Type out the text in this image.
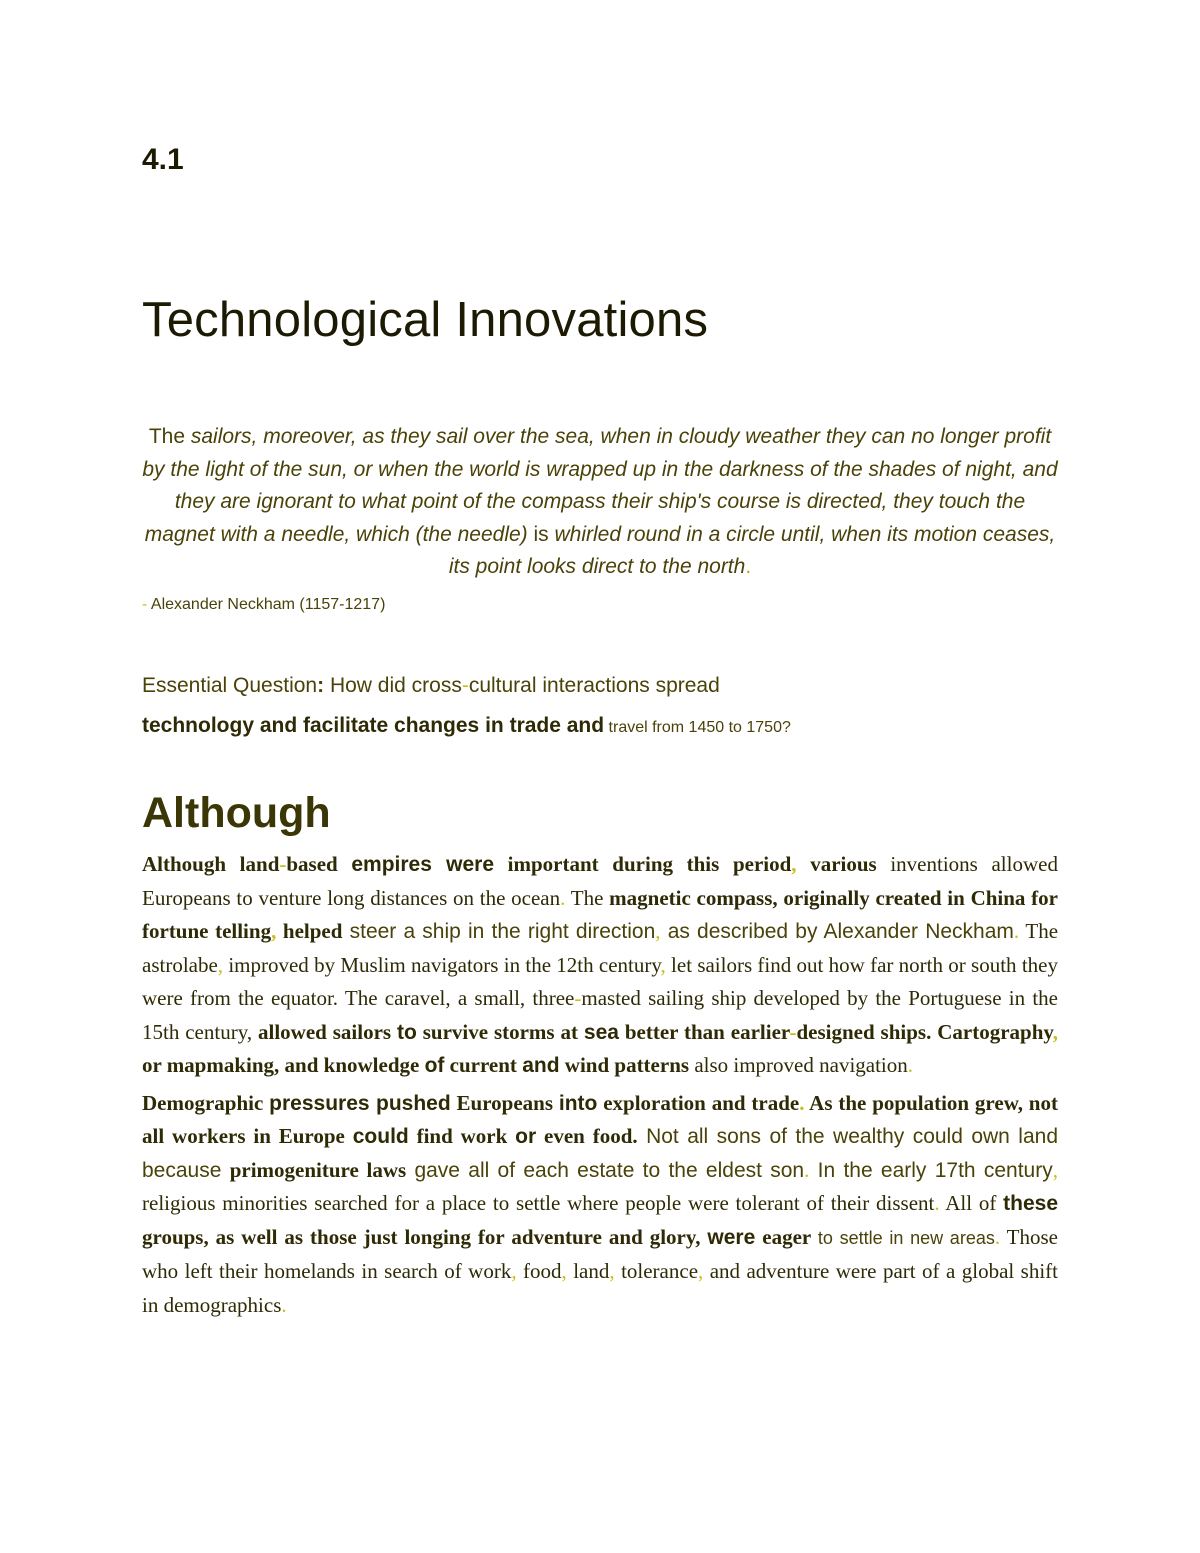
4.1
Technological Innovations

The sailors, moreover, as they sail over the sea, when in cloudy weather they can no longer profit by the light of the sun, or when the world is wrapped up in the darkness of the shades of night, and they are ignorant to what point of the compass their ship's course is directed, they touch the magnet with a needle, which (the needle) is whirled round in a circle until, when its motion ceases, its point looks direct to the north.

- Alexander Neckham (1157-1217)

Essential Question: How did cross-cultural interactions spread

technology and facilitate changes in trade and travel from 1450 to 1750?

Although

Although land-based empires were important during this period, various inventions allowed Europeans to venture long distances on the ocean. The magnetic compass, originally created in China for fortune telling, helped steer a ship in the right direction, as described by Alexander Neckham. The astrolabe, improved by Muslim navigators in the 12th century, let sailors find out how far north or south they were from the equator. The caravel, a small, three-masted sailing ship developed by the Portuguese in the 15th century, allowed sailors to survive storms at sea better than earlier-designed ships. Cartography, or mapmaking, and knowledge of current and wind patterns also improved navigation.

Demographic pressures pushed Europeans into exploration and trade. As the population grew, not all workers in Europe could find work or even food. Not all sons of the wealthy could own land because primogeniture laws gave all of each estate to the eldest son. In the early 17th century, religious minorities searched for a place to settle where people were tolerant of their dissent. All of these groups, as well as those just longing for adventure and glory, were eager to settle in new areas. Those who left their homelands in search of work, food, land, tolerance, and adventure were part of a global shift in demographics.
